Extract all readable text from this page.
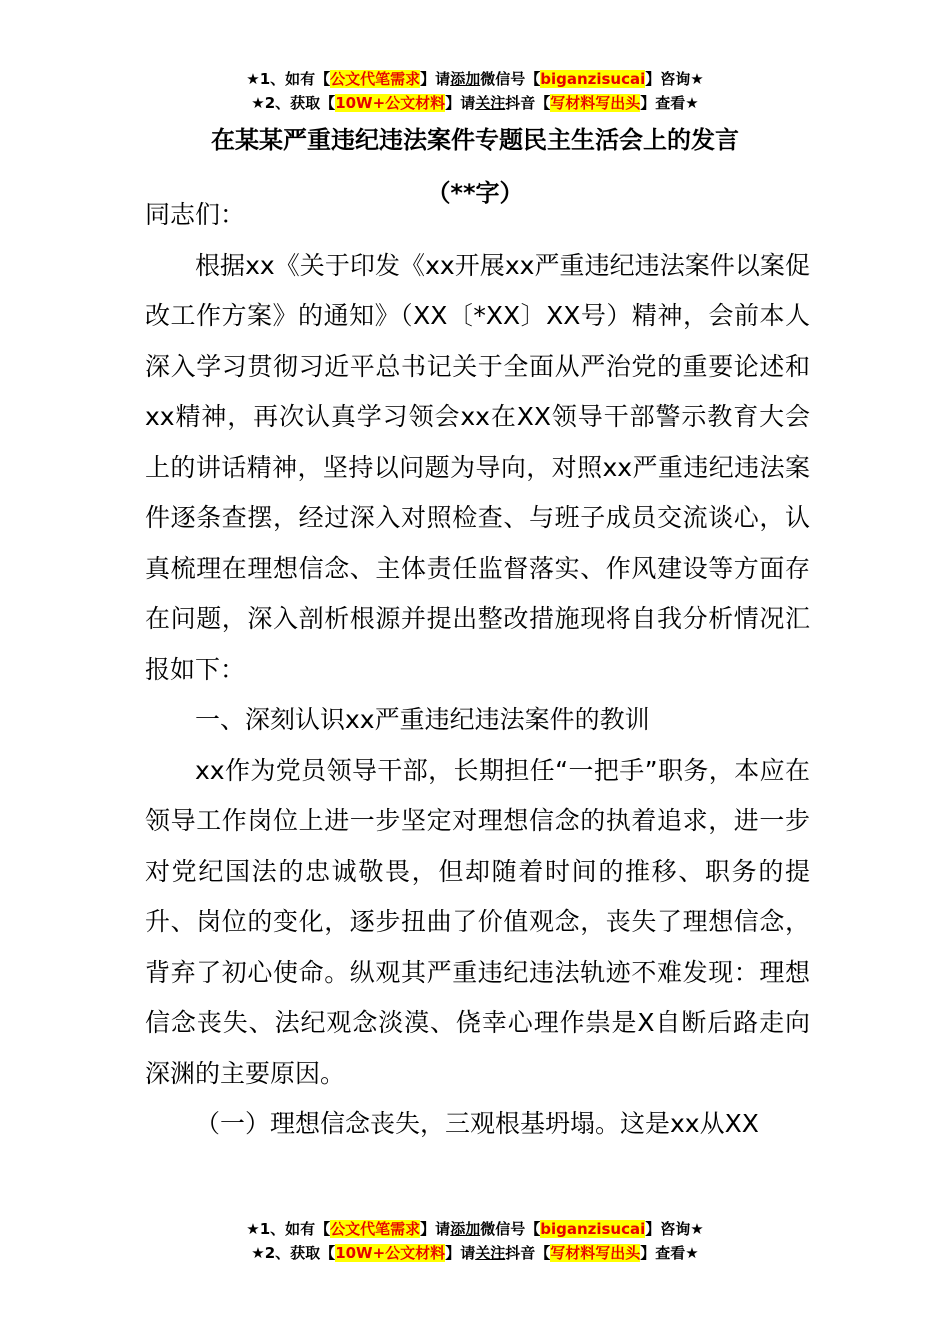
★1、如有【公文代笔需求】请添加微信号【biganzisucai】咨询★
★2、获取【10W+公文材料】请关注抖音【写材料写出头】查看★
在某某严重违纪违法案件专题民主生活会上的发言
（**字）

同志们：

根据xx《关于印发《xx开展xx严重违纪违法案件以案促改工作方案》的通知》（XX〔*XX〕XX号）精神，会前本人深入学习贯彻习近平总书记关于全面从严治党的重要论述和xx精神，再次认真学习领会xx在XX领导干部警示教育大会上的讲话精神，坚持以问题为导向，对照xx严重违纪违法案件逐条查摆，经过深入对照检查、与班子成员交流谈心，认真梳理在理想信念、主体责任监督落实、作风建设等方面存在问题，深入剖析根源并提出整改措施现将自我分析情况汇报如下：

一、深刻认识xx严重违纪违法案件的教训

xx作为党员领导干部，长期担任“一把手”职务，本应在领导工作岗位上进一步坚定对理想信念的执着追求，进一步对党纪国法的忠诚敬畏，但却随着时间的推移、职务的提升、岗位的变化，逐步扭曲了价值观念，丧失了理想信念，背弃了初心使命。纵观其严重违纪违法轨迹不难发现：理想信念丧失、法纪观念淡漠、侥幸心理作祟是X自断后路走向深渊的主要原因。

（一）理想信念丧失，三观根基坍塌。这是xx从XX

★1、如有【公文代笔需求】请添加微信号【biganzisucai】咨询★
★2、获取【10W+公文材料】请关注抖音【写材料写出头】查看★
